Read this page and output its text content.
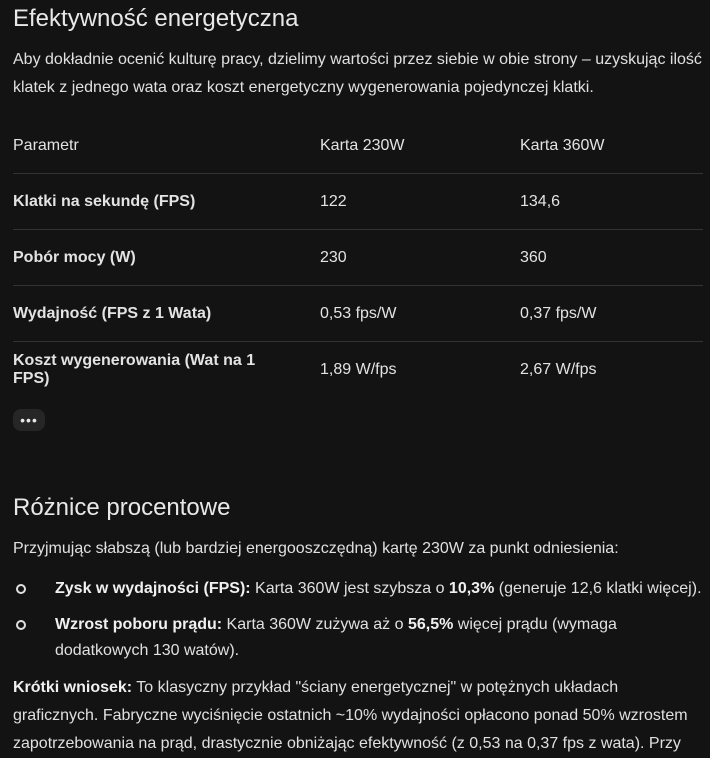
Efektywność energetyczna

Aby dokładnie ocenić kulturę pracy, dzielimy wartości przez siebie w obie strony – uzyskując ilość klatek z jednego wata oraz koszt energetyczny wygenerowania pojedynczej klatki.

Parametr	Karta 230W	Karta 360W
Klatki na sekundę (FPS)	122	134,6
Pobór mocy (W)	230	360
Wydajność (FPS z 1 Wata)	0,53 fps/W	0,37 fps/W
Koszt wygenerowania (Wat na 1 FPS)	1,89 W/fps	2,67 W/fps
•••
Różnice procentowe

Przyjmując słabszą (lub bardziej energooszczędną) kartę 230W za punkt odniesienia:

Zysk w wydajności (FPS): Karta 360W jest szybsza o 10,3% (generuje 12,6 klatki więcej).
Wzrost poboru prądu: Karta 360W zużywa aż o 56,5% więcej prądu (wymaga dodatkowych 130 watów).

Krótki wniosek: To klasyczny przykład "ściany energetycznej" w potężnych układach graficznych. Fabryczne wyciśnięcie ostatnich ~10% wydajności opłacono ponad 50% wzrostem zapotrzebowania na prąd, drastycznie obniżając efektywność (z 0,53 na 0,37 fps z wata). Przy
